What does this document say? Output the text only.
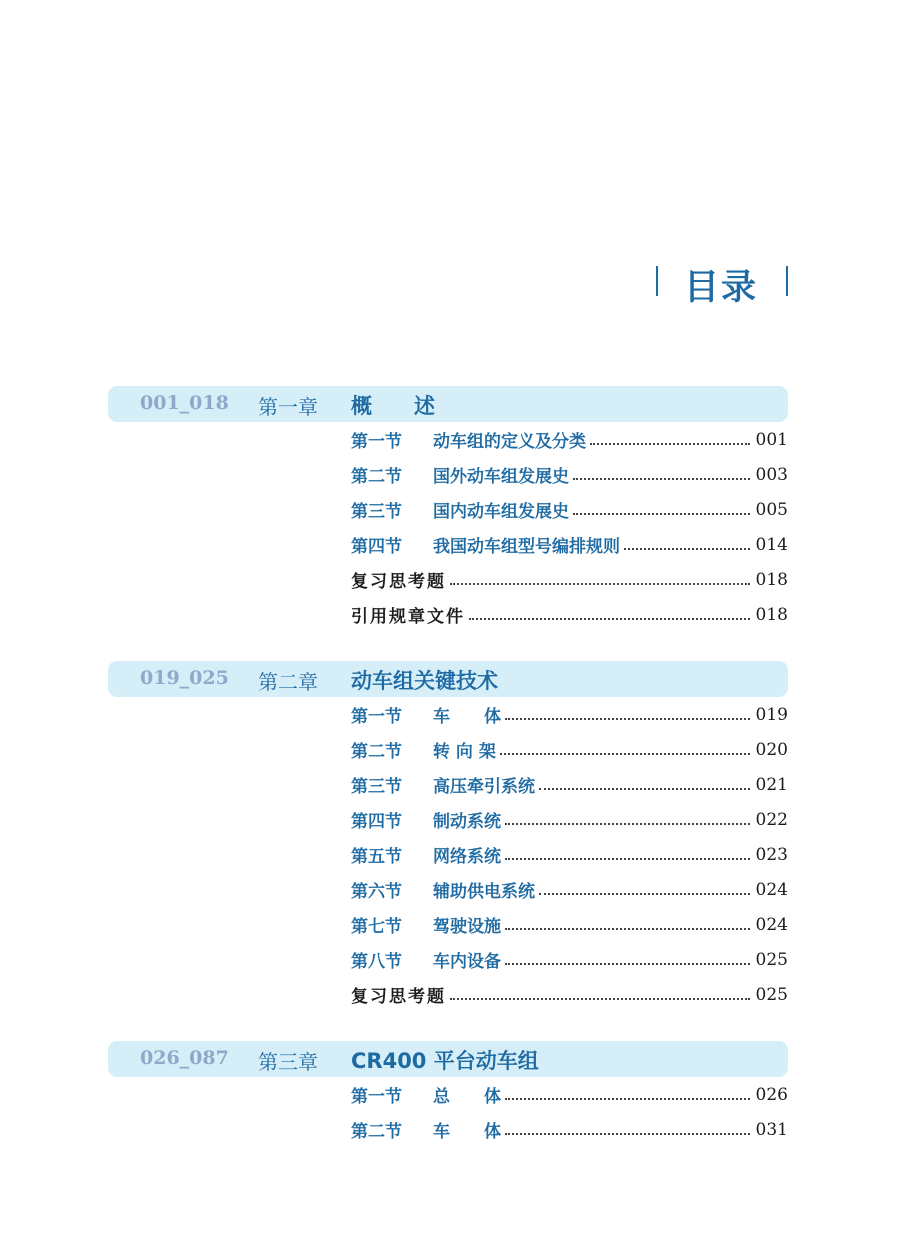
目录
001_018 第一章 概　　述
第一节	动车组的定义及分类	001
第二节	国外动车组发展史	003
第三节	国内动车组发展史	005
第四节	我国动车组型号编排规则	014
复习思考题	018
引用规章文件	018
019_025 第二章 动车组关键技术
第一节	车　　体	019
第二节	转 向 架	020
第三节	高压牵引系统	021
第四节	制动系统	022
第五节	网络系统	023
第六节	辅助供电系统	024
第七节	驾驶设施	024
第八节	车内设备	025
复习思考题	025
026_087 第三章 CR400 平台动车组
第一节	总　　体	026
第二节	车　　体	031
